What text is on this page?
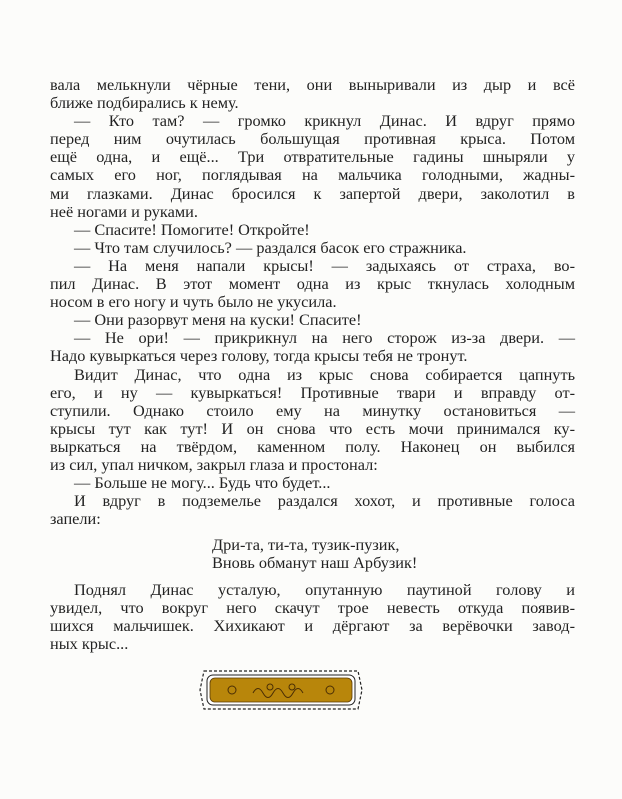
вала мелькнули чёрные тени, они выныривали из дыр и всё
ближе подбирались к нему.
— Кто там? — громко крикнул Динас. И вдруг прямо
перед ним очутилась большущая противная крыса. Потом
ещё одна, и ещё... Три отвратительные гадины шныряли у
самых его ног, поглядывая на мальчика голодными, жадны-
ми глазками. Динас бросился к запертой двери, заколотил в
неё ногами и руками.
— Спасите! Помогите! Откройте!
— Что там случилось? — раздался басок его стражника.
— На меня напали крысы! — задыхаясь от страха, во-
пил Динас. В этот момент одна из крыс ткнулась холодным
носом в его ногу и чуть было не укусила.
— Они разорвут меня на куски! Спасите!
— Не ори! — прикрикнул на него сторож из-за двери. —
Надо кувыркаться через голову, тогда крысы тебя не тронут.
Видит Динас, что одна из крыс снова собирается цапнуть
его, и ну — кувыркаться! Противные твари и вправду от-
ступили. Однако стоило ему на минутку остановиться —
крысы тут как тут! И он снова что есть мочи принимался ку-
выркаться на твёрдом, каменном полу. Наконец он выбился
из сил, упал ничком, закрыл глаза и простонал:
— Больше не могу... Будь что будет...
И вдруг в подземелье раздался хохот, и противные голоса
запели:
Дри-та, ти-та, тузик-пузик,
Вновь обманут наш Арбузик!
Поднял Динас усталую, опутанную паутиной голову и
увидел, что вокруг него скачут трое невесть откуда появив-
шихся мальчишек. Хихикают и дёргают за верёвочки завод-
ных крыс...
